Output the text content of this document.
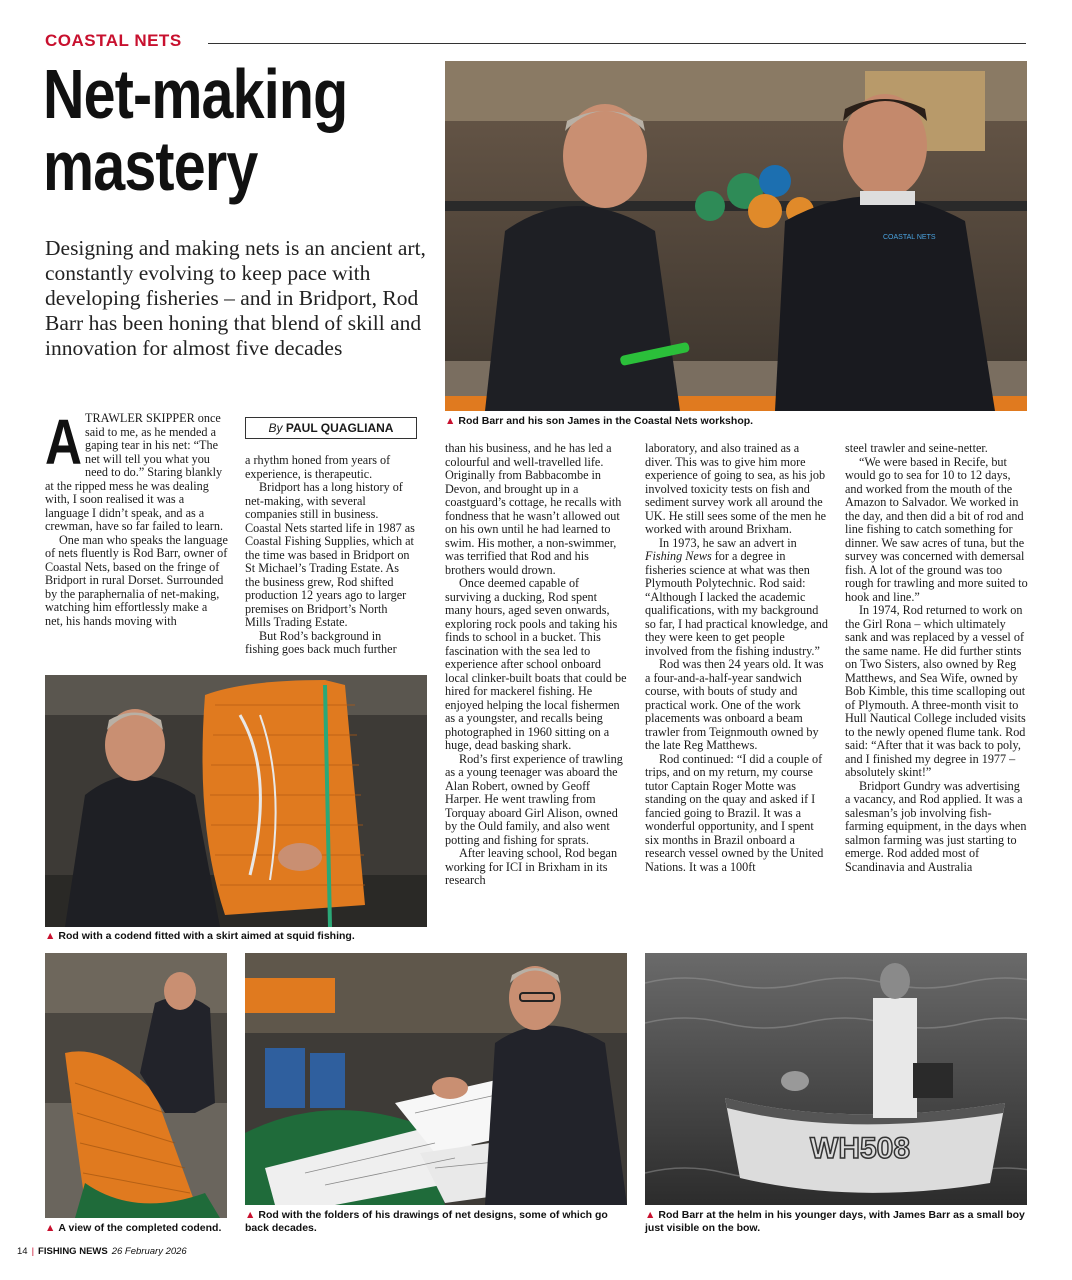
COASTAL NETS
Net-making mastery
Designing and making nets is an ancient art, constantly evolving to keep pace with developing fisheries – and in Bridport, Rod Barr has been honing that blend of skill and innovation for almost five decades
COASTAL NETS
▲ Rod Barr and his son James in the Coastal Nets workshop.
By PAUL QUAGLIANA
A TRAWLER SKIPPER once said to me, as he mended a gaping tear in his net: “The net will tell you what you need to do.” Staring blankly at the ripped mess he was dealing with, I soon realised it was a language I didn’t speak, and as a crewman, have so far failed to learn.

One man who speaks the language of nets fluently is Rod Barr, owner of Coastal Nets, based on the fringe of Bridport in rural Dorset. Surrounded by the paraphernalia of net-making, watching him effortlessly make a net, his hands moving with

a rhythm honed from years of experience, is therapeutic.

Bridport has a long history of net-making, with several companies still in business. Coastal Nets started life in 1987 as Coastal Fishing Supplies, which at the time was based in Bridport on St Michael’s Trading Estate. As the business grew, Rod shifted production 12 years ago to larger premises on Bridport’s North Mills Trading Estate.

But Rod’s background in fishing goes back much further

▲ Rod with a codend fitted with a skirt aimed at squid fishing.

than his business, and he has led a colourful and well-travelled life. Originally from Babbacombe in Devon, and brought up in a coastguard’s cottage, he recalls with fondness that he wasn’t allowed out on his own until he had learned to swim. His mother, a non-swimmer, was terrified that Rod and his brothers would drown.

Once deemed capable of surviving a ducking, Rod spent many hours, aged seven onwards, exploring rock pools and taking his finds to school in a bucket. This fascination with the sea led to experience after school onboard local clinker-built boats that could be hired for mackerel fishing. He enjoyed helping the local fishermen as a youngster, and recalls being photographed in 1960 sitting on a huge, dead basking shark.

Rod’s first experience of trawling as a young teenager was aboard the Alan Robert, owned by Geoff Harper. He went trawling from Torquay aboard Girl Alison, owned by the Ould family, and also went potting and fishing for sprats.

After leaving school, Rod began working for ICI in Brixham in its research

laboratory, and also trained as a diver. This was to give him more experience of going to sea, as his job involved toxicity tests on fish and sediment survey work all around the UK. He still sees some of the men he worked with around Brixham.

In 1973, he saw an advert in Fishing News for a degree in fisheries science at what was then Plymouth Polytechnic. Rod said: “Although I lacked the academic qualifications, with my background so far, I had practical knowledge, and they were keen to get people involved from the fishing industry.”

Rod was then 24 years old. It was a four-and-a-half-year sandwich course, with bouts of study and practical work. One of the work placements was onboard a beam trawler from Teignmouth owned by the late Reg Matthews.

Rod continued: “I did a couple of trips, and on my return, my course tutor Captain Roger Motte was standing on the quay and asked if I fancied going to Brazil. It was a wonderful opportunity, and I spent six months in Brazil onboard a research vessel owned by the United Nations. It was a 100ft

steel trawler and seine-netter.

“We were based in Recife, but would go to sea for 10 to 12 days, and worked from the mouth of the Amazon to Salvador. We worked in the day, and then did a bit of rod and line fishing to catch something for dinner. We saw acres of tuna, but the survey was concerned with demersal fish. A lot of the ground was too rough for trawling and more suited to hook and line.”

In 1974, Rod returned to work on the Girl Rona – which ultimately sank and was replaced by a vessel of the same name. He did further stints on Two Sisters, also owned by Reg Matthews, and Sea Wife, owned by Bob Kimble, this time scalloping out of Plymouth. A three-month visit to Hull Nautical College included visits to the newly opened flume tank. Rod said: “After that it was back to poly, and I finished my degree in 1977 – absolutely skint!”

Bridport Gundry was advertising a vacancy, and Rod applied. It was a salesman’s job involving fish-farming equipment, in the days when salmon farming was just starting to emerge. Rod added most of Scandinavia and Australia

▲ A view of the completed codend.
▲ Rod with the folders of his drawings of net designs, some of which go back decades.
WH508
▲ Rod Barr at the helm in his younger days, with James Barr as a small boy just visible on the bow.
14 | FISHING NEWS 26 February 2026
